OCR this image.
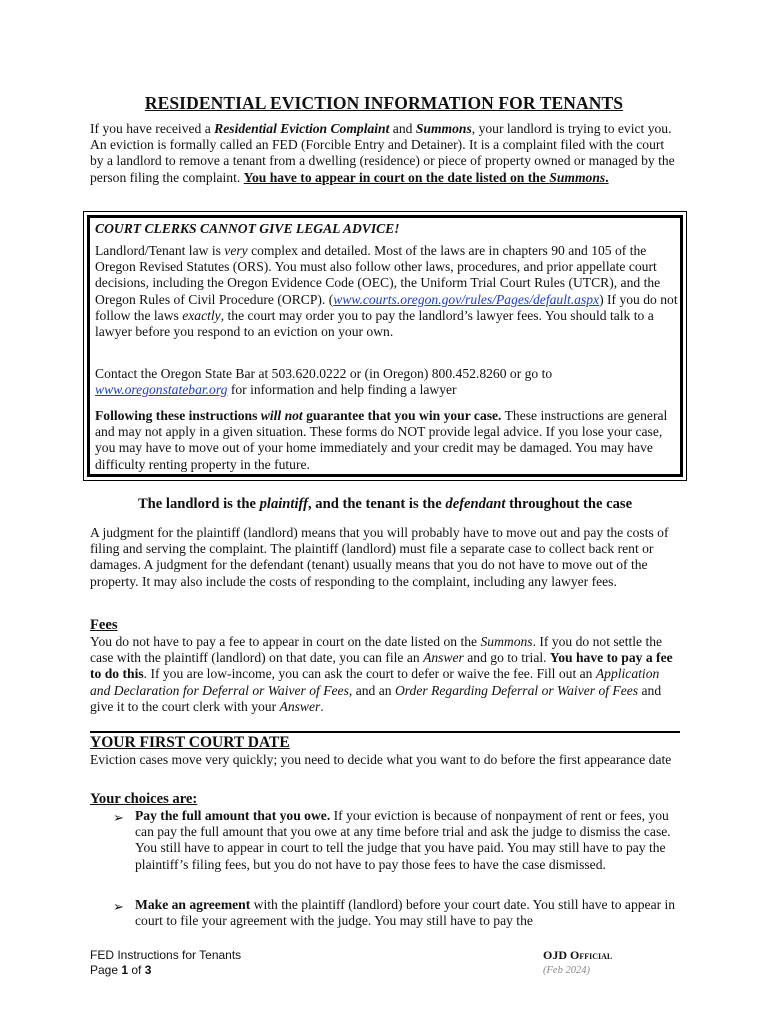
RESIDENTIAL EVICTION INFORMATION FOR TENANTS
If you have received a Residential Eviction Complaint and Summons, your landlord is trying to evict you. An eviction is formally called an FED (Forcible Entry and Detainer). It is a complaint filed with the court by a landlord to remove a tenant from a dwelling (residence) or piece of property owned or managed by the person filing the complaint. You have to appear in court on the date listed on the Summons.
COURT CLERKS CANNOT GIVE LEGAL ADVICE!
Landlord/Tenant law is very complex and detailed. Most of the laws are in chapters 90 and 105 of the Oregon Revised Statutes (ORS). You must also follow other laws, procedures, and prior appellate court decisions, including the Oregon Evidence Code (OEC), the Uniform Trial Court Rules (UTCR), and the Oregon Rules of Civil Procedure (ORCP). (www.courts.oregon.gov/rules/Pages/default.aspx) If you do not follow the laws exactly, the court may order you to pay the landlord’s lawyer fees. You should talk to a lawyer before you respond to an eviction on your own.
Contact the Oregon State Bar at 503.620.0222 or (in Oregon) 800.452.8260 or go to www.oregonstatebar.org for information and help finding a lawyer
Following these instructions will not guarantee that you win your case. These instructions are general and may not apply in a given situation. These forms do NOT provide legal advice. If you lose your case, you may have to move out of your home immediately and your credit may be damaged. You may have difficulty renting property in the future.
The landlord is the plaintiff, and the tenant is the defendant throughout the case
A judgment for the plaintiff (landlord) means that you will probably have to move out and pay the costs of filing and serving the complaint. The plaintiff (landlord) must file a separate case to collect back rent or damages. A judgment for the defendant (tenant) usually means that you do not have to move out of the property. It may also include the costs of responding to the complaint, including any lawyer fees.
Fees
You do not have to pay a fee to appear in court on the date listed on the Summons. If you do not settle the case with the plaintiff (landlord) on that date, you can file an Answer and go to trial. You have to pay a fee to do this. If you are low-income, you can ask the court to defer or waive the fee. Fill out an Application and Declaration for Deferral or Waiver of Fees, and an Order Regarding Deferral or Waiver of Fees and give it to the court clerk with your Answer.
YOUR FIRST COURT DATE
Eviction cases move very quickly; you need to decide what you want to do before the first appearance date
Your choices are:
➢ Pay the full amount that you owe. If your eviction is because of nonpayment of rent or fees, you can pay the full amount that you owe at any time before trial and ask the judge to dismiss the case. You still have to appear in court to tell the judge that you have paid. You may still have to pay the plaintiff’s filing fees, but you do not have to pay those fees to have the case dismissed.
➢ Make an agreement with the plaintiff (landlord) before your court date. You still have to appear in court to file your agreement with the judge. You may still have to pay the
FED Instructions for Tenants
Page 1 of 3
OJD Official
(Feb 2024)
